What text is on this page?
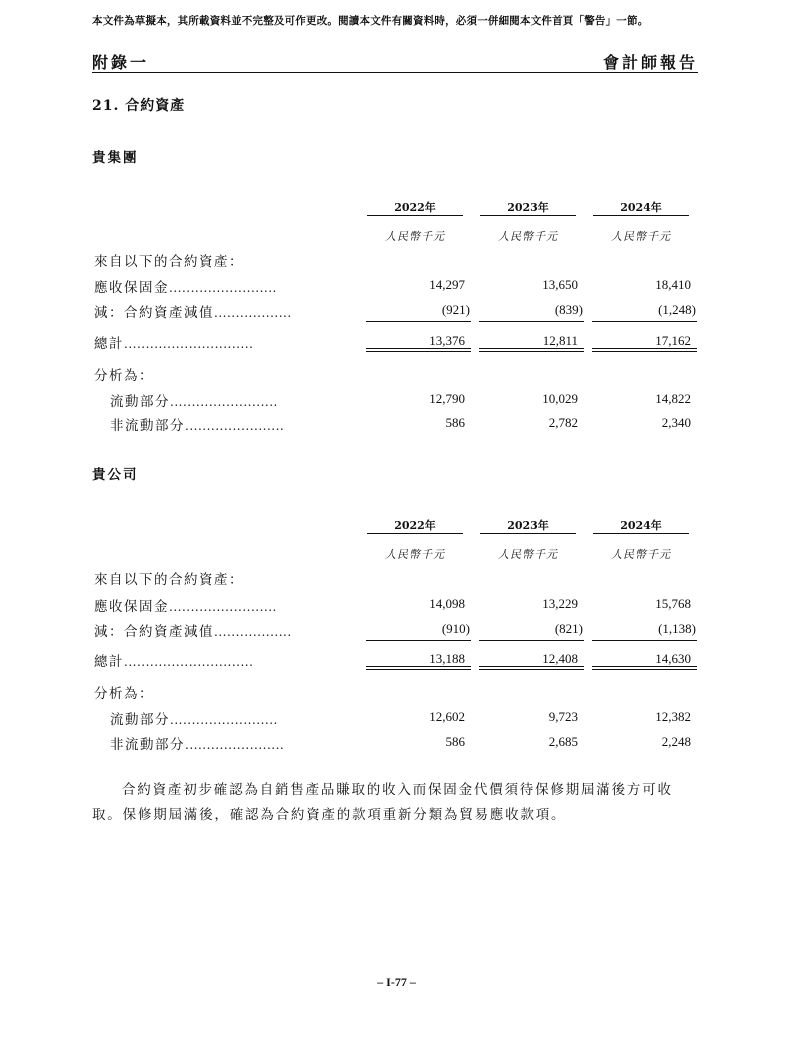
本文件為草擬本，其所載資料並不完整及可作更改。閱讀本文件有關資料時，必須一併細閱本文件首頁「警告」一節。
附錄一	會計師報告
21. 合約資產
貴集團
2022年	2023年	2024年
人民幣千元	人民幣千元	人民幣千元
來自以下的合約資產：
應收保固金.........................	14,297	13,650	18,410
減：合約資產減值..................	(921)	(839)	(1,248)
總計..............................	13,376	12,811	17,162
分析為：
流動部分.........................	12,790	10,029	14,822
非流動部分.......................	586	2,782	2,340
貴公司
2022年	2023年	2024年
人民幣千元	人民幣千元	人民幣千元
來自以下的合約資產：
應收保固金.........................	14,098	13,229	15,768
減：合約資產減值..................	(910)	(821)	(1,138)
總計..............................	13,188	12,408	14,630
分析為：
流動部分.........................	12,602	9,723	12,382
非流動部分.......................	586	2,685	2,248
合約資產初步確認為自銷售產品賺取的收入而保固金代價須待保修期屆滿後方可收取。保修期屆滿後，確認為合約資產的款項重新分類為貿易應收款項。
– I-77 –
